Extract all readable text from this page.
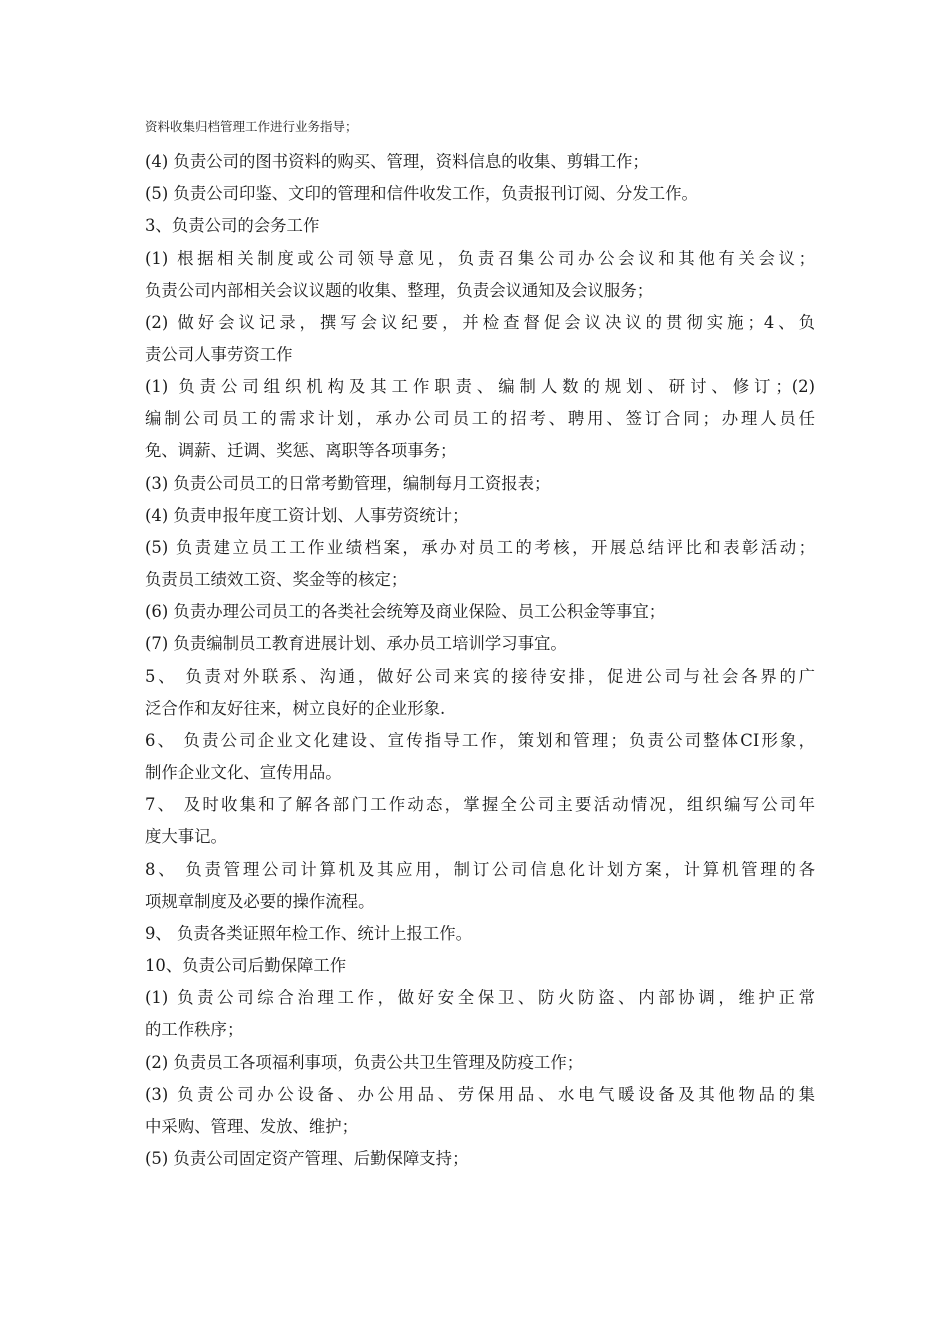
资料收集归档管理工作进行业务指导；
(4) 负责公司的图书资料的购买、管理，资料信息的收集、剪辑工作；
(5) 负责公司印鉴、文印的管理和信件收发工作，负责报刊订阅、分发工作。
3、负责公司的会务工作
(1) 根据相关制度或公司领导意见，负责召集公司办公会议和其他有关会议；
负责公司内部相关会议议题的收集、整理，负责会议通知及会议服务；
(2) 做好会议记录，撰写会议纪要，并检查督促会议决议的贯彻实施；4、负
责公司人事劳资工作
(1) 负责公司组织机构及其工作职责、编制人数的规划、研讨、修订；(2)
编制公司员工的需求计划，承办公司员工的招考、聘用、签订合同；办理人员任
免、调薪、迁调、奖惩、离职等各项事务；
(3) 负责公司员工的日常考勤管理，编制每月工资报表；
(4) 负责申报年度工资计划、人事劳资统计；
(5) 负责建立员工工作业绩档案，承办对员工的考核，开展总结评比和表彰活动；
负责员工绩效工资、奖金等的核定；
(6) 负责办理公司员工的各类社会统筹及商业保险、员工公积金等事宜；
(7) 负责编制员工教育进展计划、承办员工培训学习事宜。
5、 负责对外联系、沟通，做好公司来宾的接待安排，促进公司与社会各界的广
泛合作和友好往来，树立良好的企业形象.
6、 负责公司企业文化建设、宣传指导工作，策划和管理；负责公司整体CI形象，
制作企业文化、宣传用品。
7、 及时收集和了解各部门工作动态，掌握全公司主要活动情况，组织编写公司年
度大事记。
8、 负责管理公司计算机及其应用，制订公司信息化计划方案，计算机管理的各
项规章制度及必要的操作流程。
9、 负责各类证照年检工作、统计上报工作。
10、负责公司后勤保障工作
(1) 负责公司综合治理工作，做好安全保卫、防火防盗、内部协调，维护正常
的工作秩序；
(2) 负责员工各项福利事项，负责公共卫生管理及防疫工作；
(3) 负责公司办公设备、办公用品、劳保用品、水电气暖设备及其他物品的集
中采购、管理、发放、维护；
(5) 负责公司固定资产管理、后勤保障支持；
